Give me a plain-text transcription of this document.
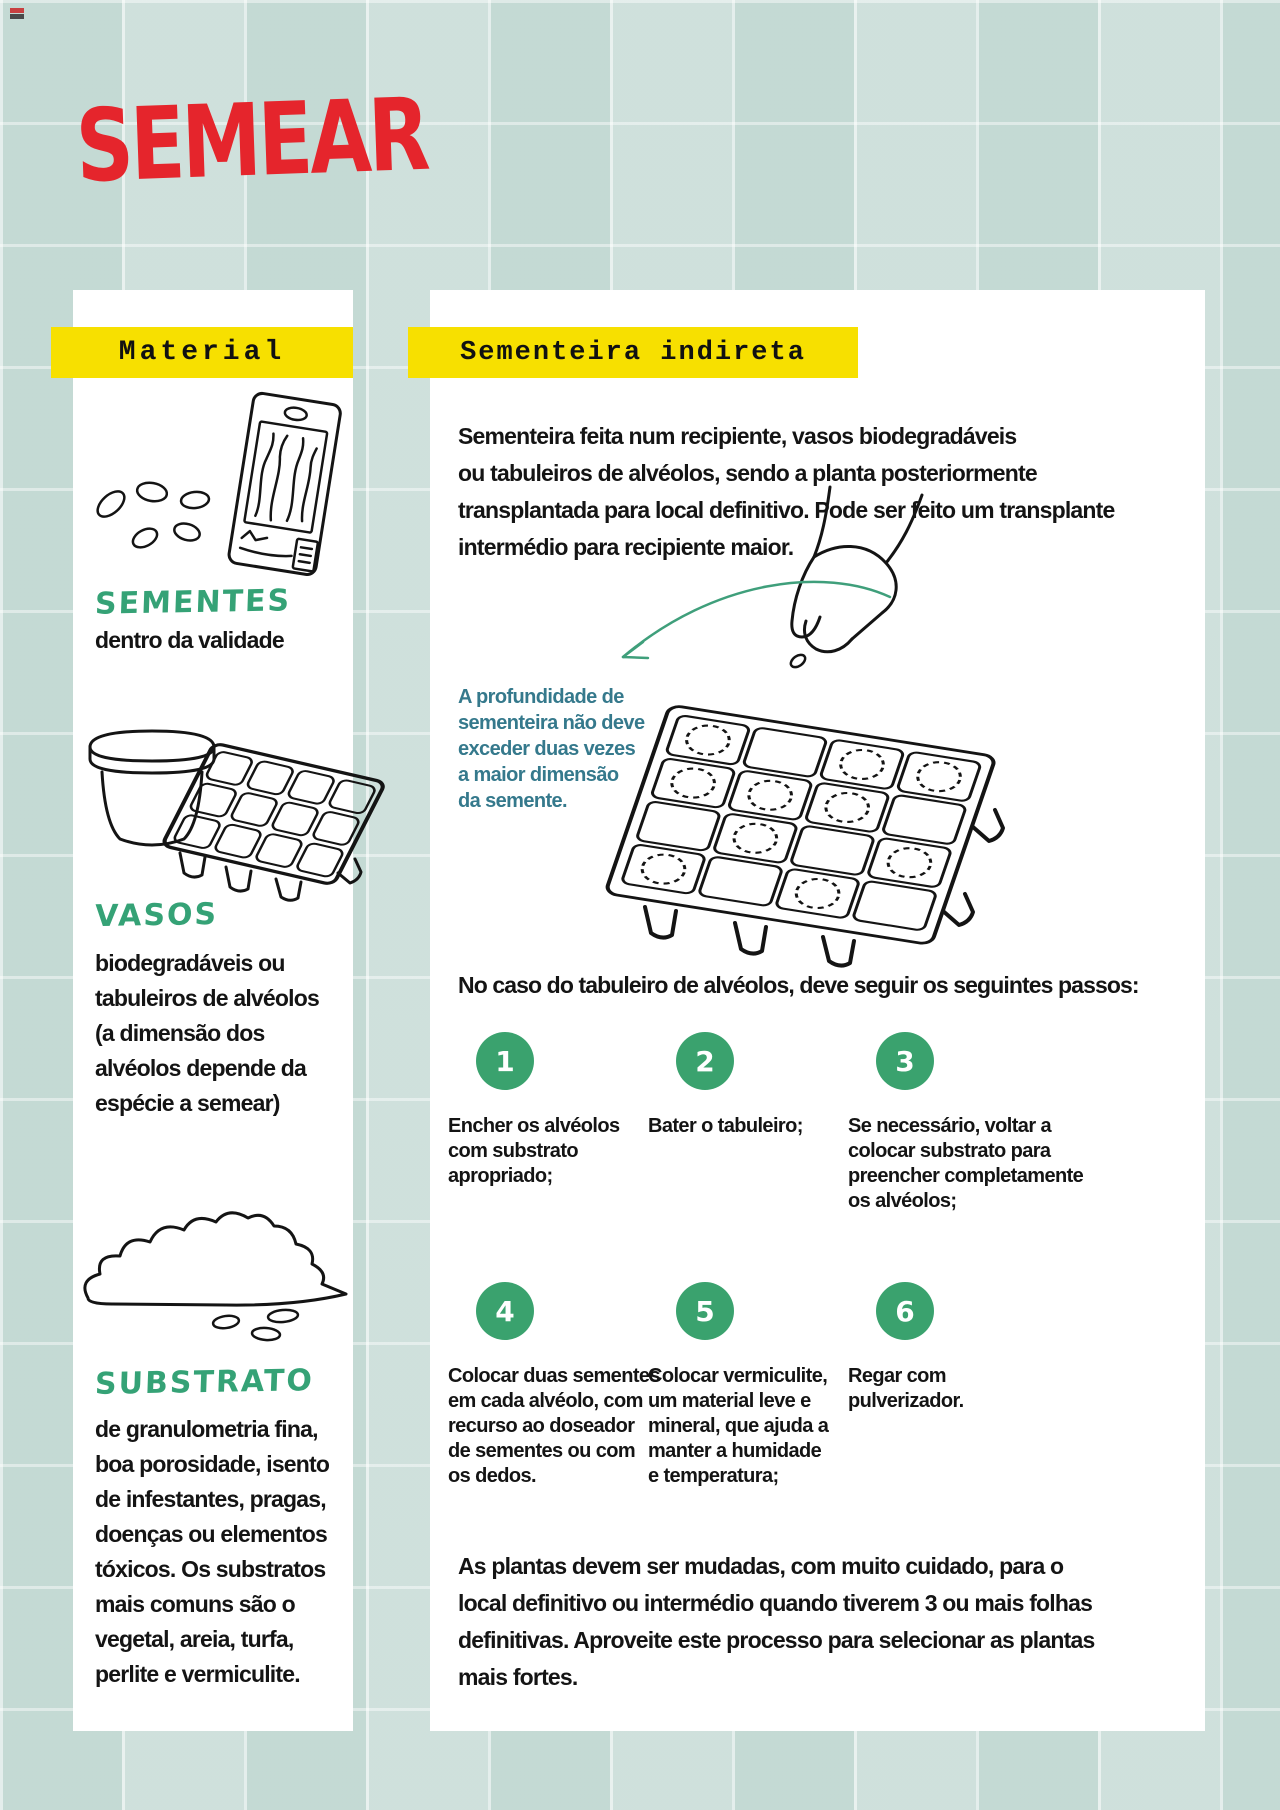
SEMEAR
Material
SEMENTES
dentro da validade
VASOS
biodegradáveis ou
tabuleiros de alvéolos
(a dimensão dos
alvéolos depende da
espécie a semear)
SUBSTRATO
de granulometria fina,
boa porosidade, isento
de infestantes, pragas,
doenças ou elementos
tóxicos. Os substratos
mais comuns são o
vegetal, areia, turfa,
perlite e vermiculite.
Sementeira indireta
Sementeira feita num recipiente, vasos biodegradáveis
ou tabuleiros de alvéolos, sendo a planta posteriormente
transplantada para local definitivo. Pode ser feito um transplante
intermédio para recipiente maior.
A profundidade de
sementeira não deve
exceder duas vezes
a maior dimensão
da semente.
No caso do tabuleiro de alvéolos, deve seguir os seguintes passos:
1
Encher os alvéolos
com substrato
apropriado;
2
Bater o tabuleiro;
3
Se necessário, voltar a
colocar substrato para
preencher completamente
os alvéolos;
4
Colocar duas sementes
em cada alvéolo, com
recurso ao doseador
de sementes ou com
os dedos.
5
Colocar vermiculite,
um material leve e
mineral, que ajuda a
manter a humidade
e temperatura;
6
Regar com
pulverizador.
As plantas devem ser mudadas, com muito cuidado, para o
local definitivo ou intermédio quando tiverem 3 ou mais folhas
definitivas. Aproveite este processo para selecionar as plantas
mais fortes.
